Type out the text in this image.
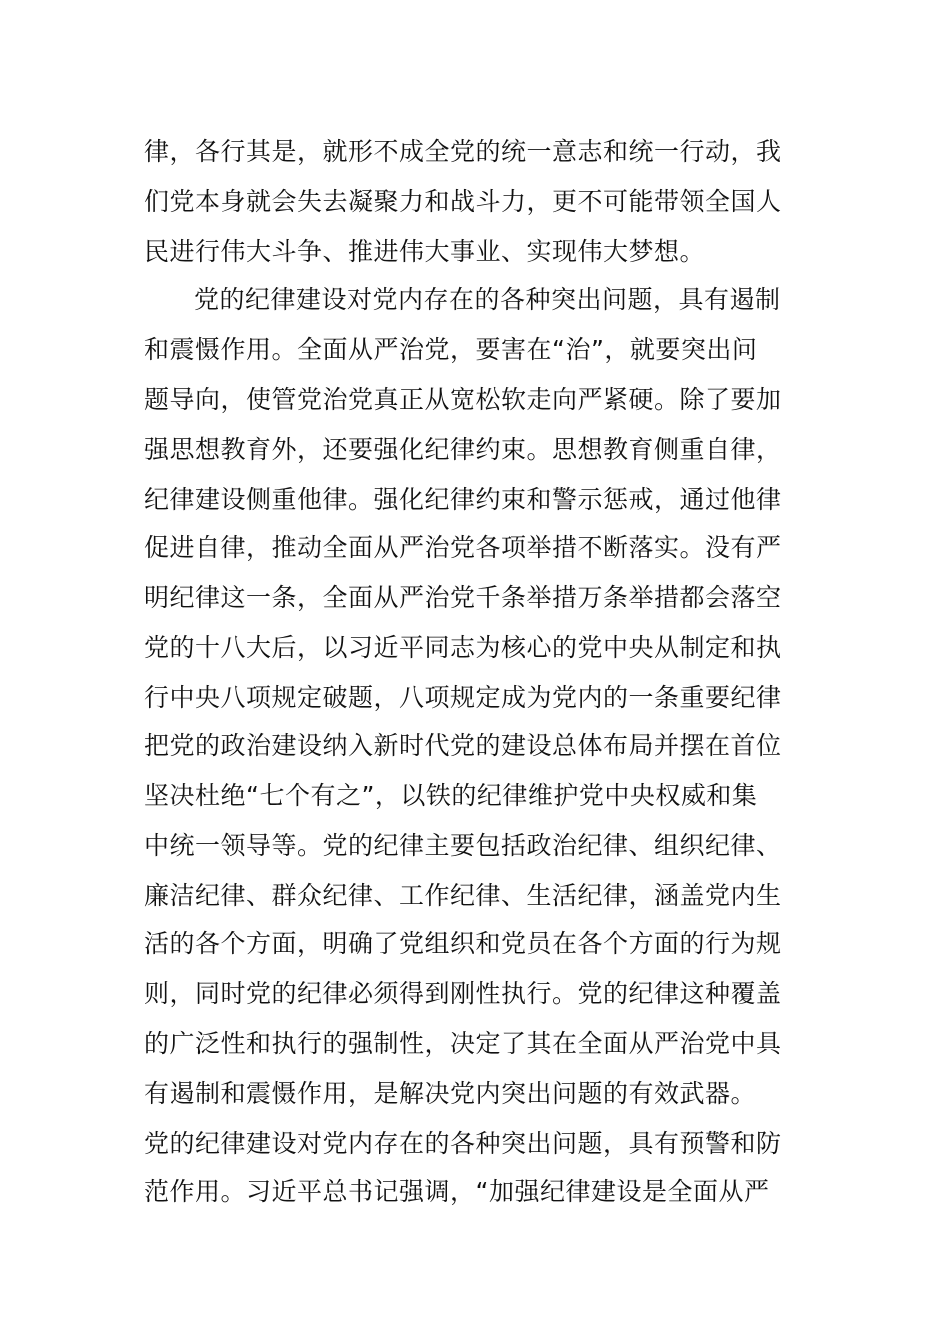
律，各行其是，就形不成全党的统一意志和统一行动，我
们党本身就会失去凝聚力和战斗力，更不可能带领全国人
民进行伟大斗争、推进伟大事业、实现伟大梦想。
党的纪律建设对党内存在的各种突出问题，具有遏制
和震慑作用。全面从严治党，要害在“治”，就要突出问
题导向，使管党治党真正从宽松软走向严紧硬。除了要加
强思想教育外，还要强化纪律约束。思想教育侧重自律，
纪律建设侧重他律。强化纪律约束和警示惩戒，通过他律
促进自律，推动全面从严治党各项举措不断落实。没有严
明纪律这一条，全面从严治党千条举措万条举措都会落空
党的十八大后，以习近平同志为核心的党中央从制定和执
行中央八项规定破题，八项规定成为党内的一条重要纪律
把党的政治建设纳入新时代党的建设总体布局并摆在首位
坚决杜绝“七个有之”，以铁的纪律维护党中央权威和集
中统一领导等。党的纪律主要包括政治纪律、组织纪律、
廉洁纪律、群众纪律、工作纪律、生活纪律，涵盖党内生
活的各个方面，明确了党组织和党员在各个方面的行为规
则，同时党的纪律必须得到刚性执行。党的纪律这种覆盖
的广泛性和执行的强制性，决定了其在全面从严治党中具
有遏制和震慑作用，是解决党内突出问题的有效武器。
党的纪律建设对党内存在的各种突出问题，具有预警和防
范作用。习近平总书记强调，“加强纪律建设是全面从严
